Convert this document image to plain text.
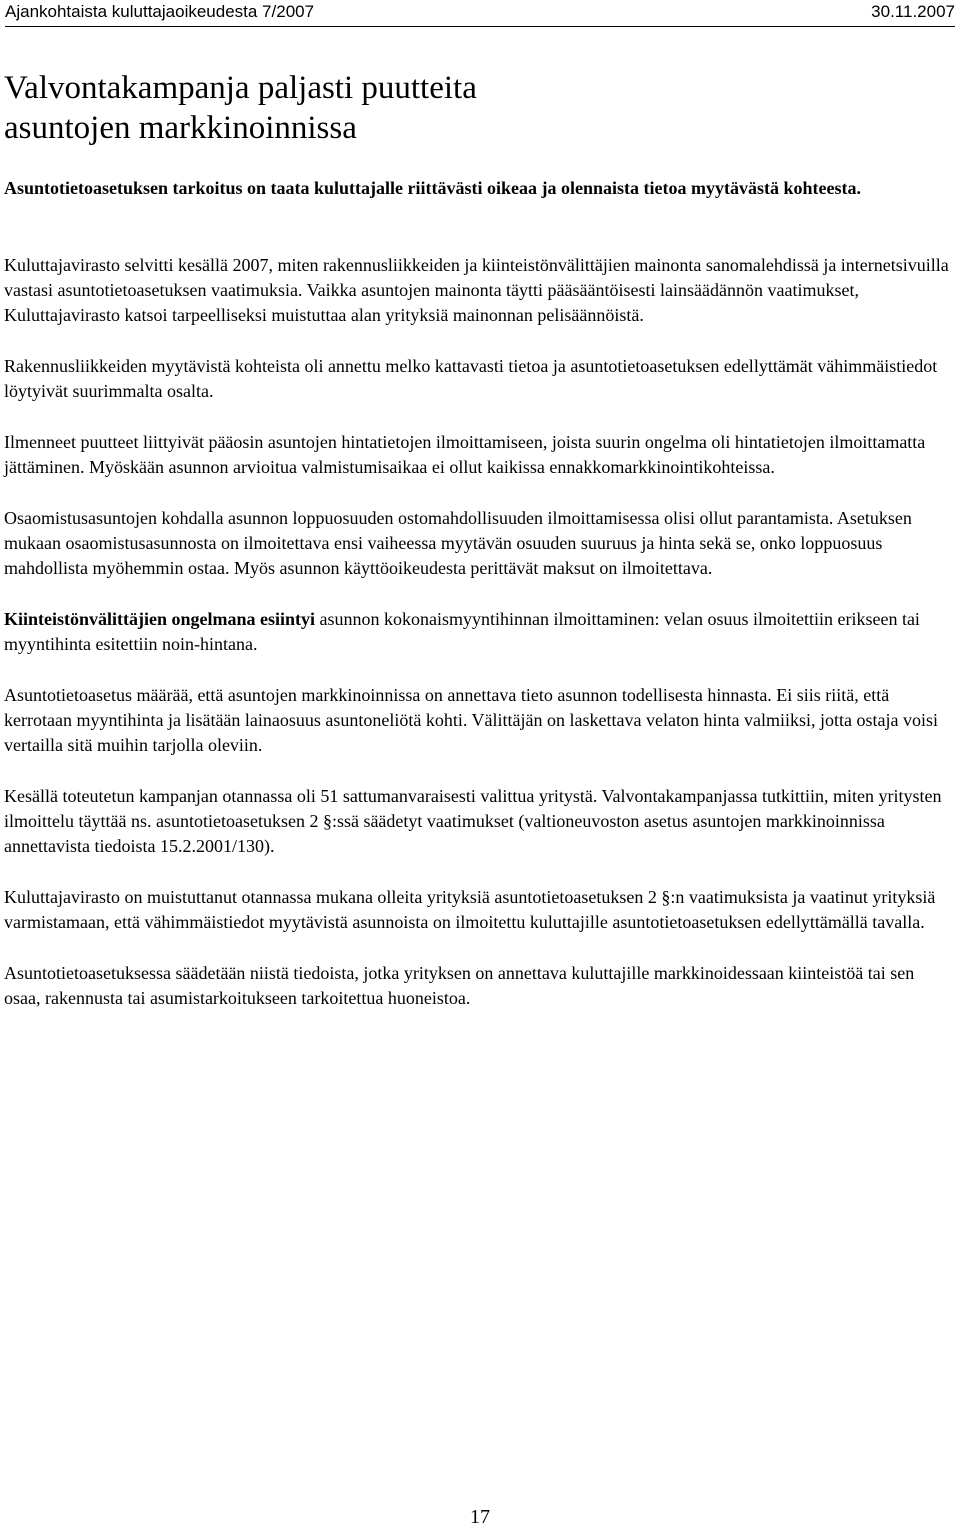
Ajankohtaista kuluttajaoikeudesta 7/2007	30.11.2007
Valvontakampanja paljasti puutteita
asuntojen markkinoinnissa

Asuntotietoasetuksen tarkoitus on taata kuluttajalle riittävästi oikeaa ja olennaista tietoa myytävästä kohteesta.

Kuluttajavirasto selvitti kesällä 2007, miten rakennusliikkeiden ja kiinteistönvälittäjien mainonta sanomalehdissä ja internetsivuilla vastasi asuntotietoasetuksen vaatimuksia. Vaikka asuntojen mainonta täytti pääsääntöisesti lainsäädännön vaatimukset, Kuluttajavirasto katsoi tarpeelliseksi muistuttaa alan yrityksiä mainonnan pelisäännöistä.

Rakennusliikkeiden myytävistä kohteista oli annettu melko kattavasti tietoa ja asuntotietoasetuksen edellyttämät vähimmäistiedot löytyivät suurimmalta osalta.

Ilmenneet puutteet liittyivät pääosin asuntojen hintatietojen ilmoittamiseen, joista suurin ongelma oli hintatietojen ilmoittamatta jättäminen. Myöskään asunnon arvioitua valmistumisaikaa ei ollut kaikissa ennakkomarkkinointikohteissa.

Osaomistusasuntojen kohdalla asunnon loppuosuuden ostomahdollisuuden ilmoittamisessa olisi ollut parantamista. Asetuksen mukaan osaomistusasunnosta on ilmoitettava ensi vaiheessa myytävän osuuden suuruus ja hinta sekä se, onko loppuosuus mahdollista myöhemmin ostaa. Myös asunnon käyttöoikeudesta perittävät maksut on ilmoitettava.

Kiinteistönvälittäjien ongelmana esiintyi asunnon kokonaismyyntihinnan ilmoittaminen: velan osuus ilmoitettiin erikseen tai myyntihinta esitettiin noin-hintana.

Asuntotietoasetus määrää, että asuntojen markkinoinnissa on annettava tieto asunnon todellisesta hinnasta. Ei siis riitä, että kerrotaan myyntihinta ja lisätään lainaosuus asuntoneliötä kohti. Välittäjän on laskettava velaton hinta valmiiksi, jotta ostaja voisi vertailla sitä muihin tarjolla oleviin.

Kesällä toteutetun kampanjan otannassa oli 51 sattumanvaraisesti valittua yritystä. Valvontakampanjassa tutkittiin, miten yritysten ilmoittelu täyttää ns. asuntotietoasetuksen 2 §:ssä säädetyt vaatimukset (valtioneuvoston asetus asuntojen markkinoinnissa annettavista tiedoista 15.2.2001/130).

Kuluttajavirasto on muistuttanut otannassa mukana olleita yrityksiä asuntotietoasetuksen 2 §:n vaatimuksista ja vaatinut yrityksiä varmistamaan, että vähimmäistiedot myytävistä asunnoista on ilmoitettu kuluttajille asuntotietoasetuksen edellyttämällä tavalla.

Asuntotietoasetuksessa säädetään niistä tiedoista, jotka yrityksen on annettava kuluttajille markkinoidessaan kiinteistöä tai sen osaa, rakennusta tai asumistarkoitukseen tarkoitettua huoneistoa.

17
